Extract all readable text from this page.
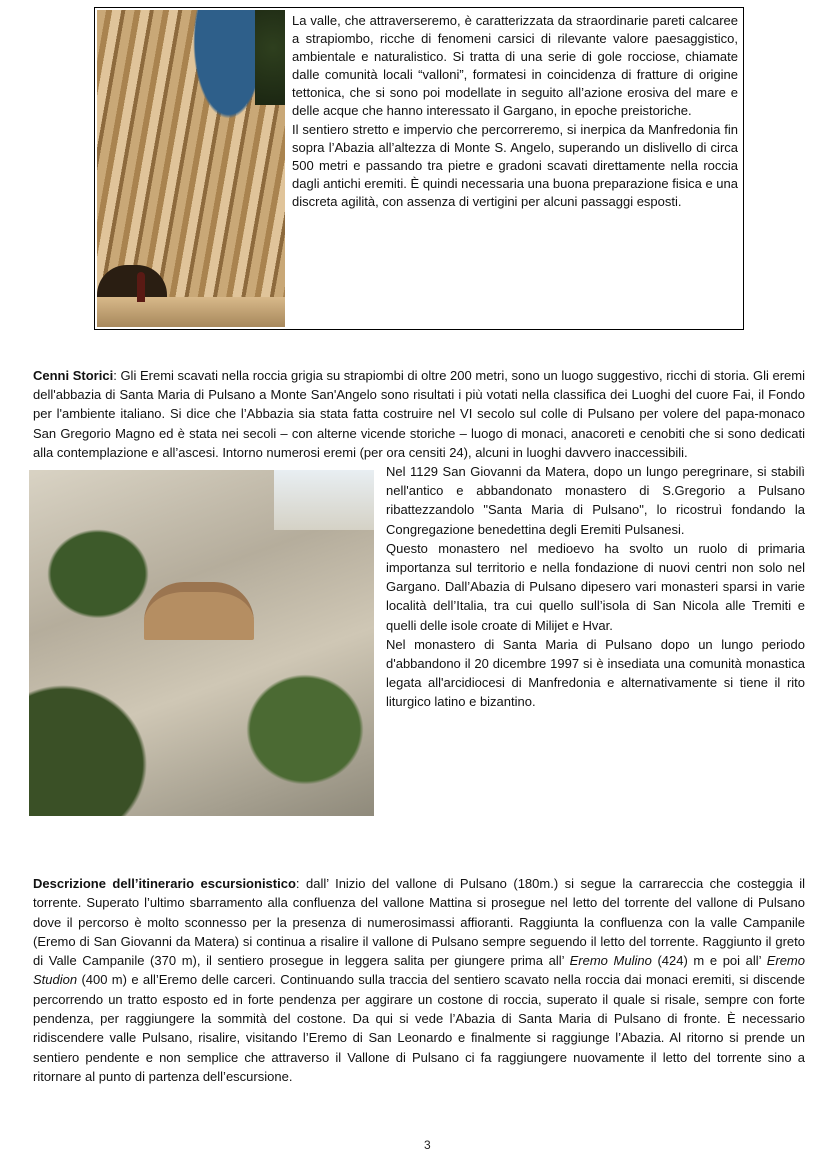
La valle, che attraverseremo, è caratterizzata da straordinarie pareti calcaree a strapiombo, ricche di fenomeni carsici di rilevante valore paesaggistico, ambientale e naturalistico. Si tratta di una serie di gole rocciose, chiamate dalle comunità locali “valloni”, formatesi in coincidenza di fratture di origine tettonica, che si sono poi modellate in seguito all’azione erosiva del mare e delle acque che hanno interessato il Gargano, in epoche preistoriche.

Il sentiero stretto e impervio che percorreremo, si inerpica da Manfredonia fin sopra l’Abazia all’altezza di Monte S. Angelo, superando un dislivello di circa 500 metri e passando tra pietre e gradoni scavati direttamente nella roccia dagli antichi eremiti. È quindi necessaria una buona preparazione fisica e una discreta agilità, con assenza di vertigini per alcuni passaggi esposti.

Cenni Storici: Gli Eremi scavati nella roccia grigia su strapiombi di oltre 200 metri, sono un luogo suggestivo, ricchi di storia. Gli eremi dell'abbazia di Santa Maria di Pulsano a Monte San'Angelo sono risultati i più votati nella classifica dei Luoghi del cuore Fai, il Fondo per l'ambiente italiano. Si dice che l’Abbazia sia stata fatta costruire nel VI secolo sul colle di Pulsano per volere del papa-monaco San Gregorio Magno ed è stata nei secoli – con alterne vicende storiche – luogo di monaci, anacoreti e cenobiti che si sono dedicati alla contemplazione e all’ascesi. Intorno numerosi eremi (per ora censiti 24), alcuni in luoghi davvero inaccessibili.
Nel 1129 San Giovanni da Matera, dopo un lungo peregrinare, si stabilì nell'antico e abbandonato monastero di S.Gregorio a Pulsano ribattezzandolo "Santa Maria di Pulsano", lo ricostruì fondando la Congregazione benedettina degli Eremiti Pulsanesi.
Questo monastero nel medioevo ha svolto un ruolo di primaria importanza sul territorio e nella fondazione di nuovi centri non solo nel Gargano. Dall’Abazia di Pulsano dipesero vari monasteri sparsi in varie località dell’Italia, tra cui quello sull’isola di San Nicola alle Tremiti e quelli delle isole croate di Milijet e Hvar.
Nel monastero di Santa Maria di Pulsano dopo un lungo periodo d'abbandono il 20 dicembre 1997 si è insediata una comunità monastica legata all'arcidiocesi di Manfredonia e alternativamente si tiene il rito liturgico latino e bizantino.
Descrizione dell’itinerario escursionistico: dall’ Inizio del vallone di Pulsano (180m.) si segue la carrareccia che costeggia il torrente. Superato l’ultimo sbarramento alla confluenza del vallone Mattina si prosegue nel letto del torrente del vallone di Pulsano dove il percorso è molto sconnesso per la presenza di numerosimassi affioranti. Raggiunta la confluenza con la valle Campanile (Eremo di San Giovanni da Matera) si continua a risalire il vallone di Pulsano sempre seguendo il letto del torrente. Raggiunto il greto di Valle Campanile (370 m), il sentiero prosegue in leggera salita per giungere prima all’ Eremo Mulino (424) m e poi all’ Eremo Studion (400 m) e all’Eremo delle carceri. Continuando sulla traccia del sentiero scavato nella roccia dai monaci eremiti, si discende percorrendo un tratto esposto ed in forte pendenza per aggirare un costone di roccia, superato il quale si risale, sempre con forte pendenza, per raggiungere la sommità del costone. Da qui si vede l’Abazia di Santa Maria di Pulsano di fronte. È necessario ridiscendere valle Pulsano, risalire, visitando l’Eremo di San Leonardo e finalmente si raggiunge l’Abazia. Al ritorno si prende un sentiero pendente e non semplice che attraverso il Vallone di Pulsano ci fa raggiungere nuovamente il letto del torrente sino a ritornare al punto di partenza dell’escursione.
3
